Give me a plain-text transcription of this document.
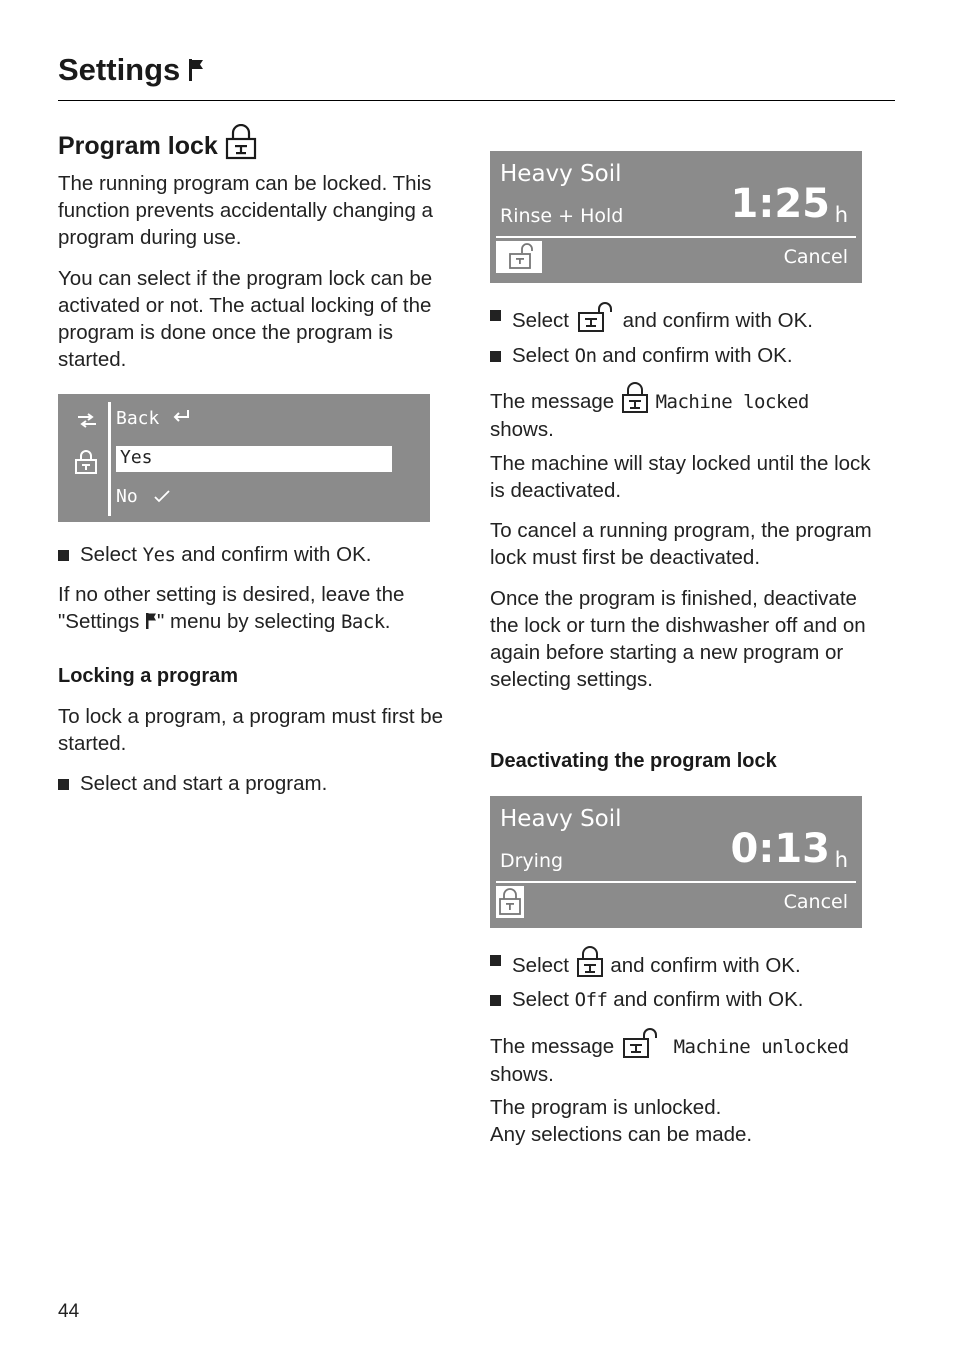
Settings
Program lock
The running program can be locked. This function prevents accidentally changing a program during use.
You can select if the program lock can be activated or not. The actual locking of the program is done once the program is started.
Back
Yes
No
Select Yes and confirm with OK.
If no other setting is desired, leave the "Settings " menu by selecting Back.
Locking a program
To lock a program, a program must first be started.
Select and start a program.
Heavy Soil
Rinse + Hold	1:25 h
Cancel
Select and confirm with OK.
Select On and confirm with OK.
The message  Machine locked
shows.
The machine will stay locked until the lock is deactivated.
To cancel a running program, the program lock must first be deactivated.
Once the program is finished, deactivate the lock or turn the dishwasher off and on again before starting a new program or selecting settings.
Deactivating the program lock
Heavy Soil
Drying	0:13 h
Cancel
Select  and confirm with OK.
Select Off and confirm with OK.
The message	Machine unlocked
shows.
The program is unlocked.
Any selections can be made.
44
